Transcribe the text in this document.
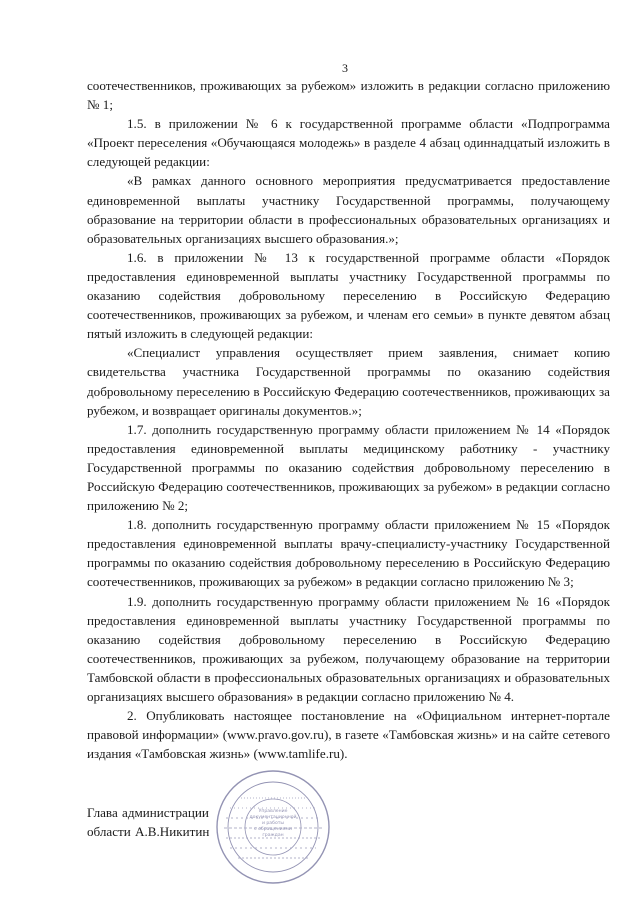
3

соотечественников, проживающих за рубежом» изложить в редакции согласно приложению № 1;

1.5. в приложении № 6 к государственной программе области «Подпрограмма «Проект переселения «Обучающаяся молодежь» в разделе 4 абзац одиннадцатый изложить в следующей редакции:

«В рамках данного основного мероприятия предусматривается предоставление единовременной выплаты участнику Государственной программы, получающему образование на территории области в профессиональных образовательных организациях и образовательных организациях высшего образования.»;

1.6. в приложении № 13 к государственной программе области «Порядок предоставления единовременной выплаты участнику Государственной программы по оказанию содействия добровольному переселению в Российскую Федерацию соотечественников, проживающих за рубежом, и членам его семьи» в пункте девятом абзац пятый изложить в следующей редакции:

«Специалист управления осуществляет прием заявления, снимает копию свидетельства участника Государственной программы по оказанию содействия добровольному переселению в Российскую Федерацию соотечественников, проживающих за рубежом, и возвращает оригиналы документов.»;

1.7. дополнить государственную программу области приложением № 14 «Порядок предоставления единовременной выплаты медицинскому работнику - участнику Государственной программы по оказанию содействия добровольному переселению в Российскую Федерацию соотечественников, проживающих за рубежом» в редакции согласно приложению № 2;

1.8. дополнить государственную программу области приложением № 15 «Порядок предоставления единовременной выплаты врачу-специалисту-участнику Государственной программы по оказанию содействия добровольному переселению в Российскую Федерацию соотечественников, проживающих за рубежом» в редакции согласно приложению № 3;

1.9. дополнить государственную программу области приложением № 16 «Порядок предоставления единовременной выплаты участнику Государственной программы по оказанию содействия добровольному переселению в Российскую Федерацию соотечественников, проживающих за рубежом, получающему образование на территории Тамбовской области в профессиональных образовательных организациях и образовательных организациях высшего образования» в редакции согласно приложению № 4.

2. Опубликовать настоящее постановление на «Официальном интернет-портале правовой информации» (www.pravo.gov.ru), в газете «Тамбовская жизнь» и на сайте сетевого издания «Тамбовская жизнь» (www.tamlife.ru).

Глава администрации
области А.В.Никитин
Управление
документационной
и работы
с обращениями
граждан
